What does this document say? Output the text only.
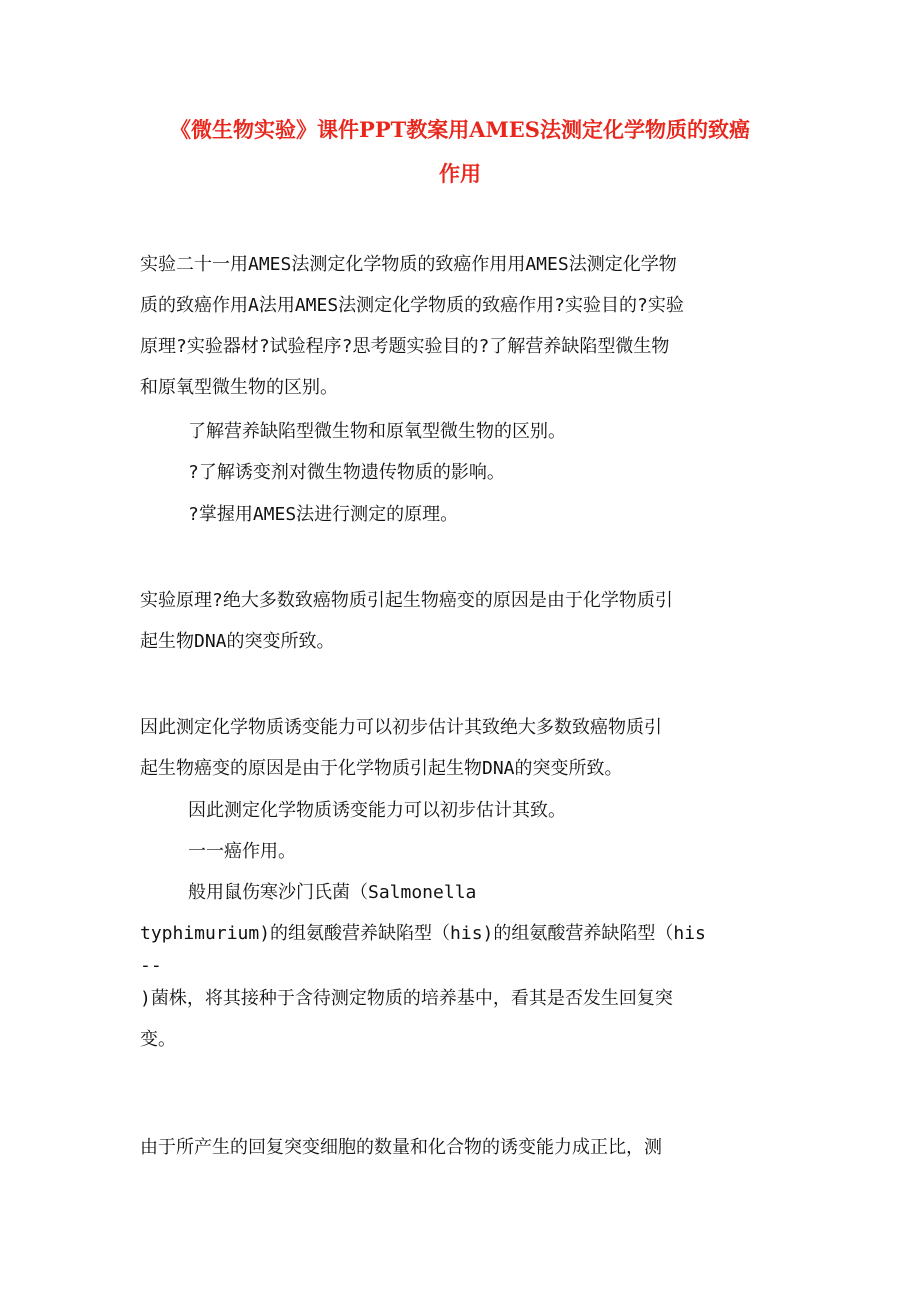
《微生物实验》课件PPT教案用AMES法测定化学物质的致癌
作用
实验二十一用AMES法测定化学物质的致癌作用用AMES法测定化学物
质的致癌作用A法用AMES法测定化学物质的致癌作用?实验目的?实验
原理?实验器材?试验程序?思考题实验目的?了解营养缺陷型微生物
和原氧型微生物的区别。
了解营养缺陷型微生物和原氧型微生物的区别。
?了解诱变剂对微生物遗传物质的影响。
?掌握用AMES法进行测定的原理。
实验原理?绝大多数致癌物质引起生物癌变的原因是由于化学物质引
起生物DNA的突变所致。
因此测定化学物质诱变能力可以初步估计其致绝大多数致癌物质引
起生物癌变的原因是由于化学物质引起生物DNA的突变所致。
因此测定化学物质诱变能力可以初步估计其致。
一一癌作用。
般用鼠伤寒沙门氏菌（Salmonella
typhimurium)的组氨酸营养缺陷型（his)的组氨酸营养缺陷型（his
--
)菌株，将其接种于含待测定物质的培养基中，看其是否发生回复突
变。
由于所产生的回复突变细胞的数量和化合物的诱变能力成正比，测
